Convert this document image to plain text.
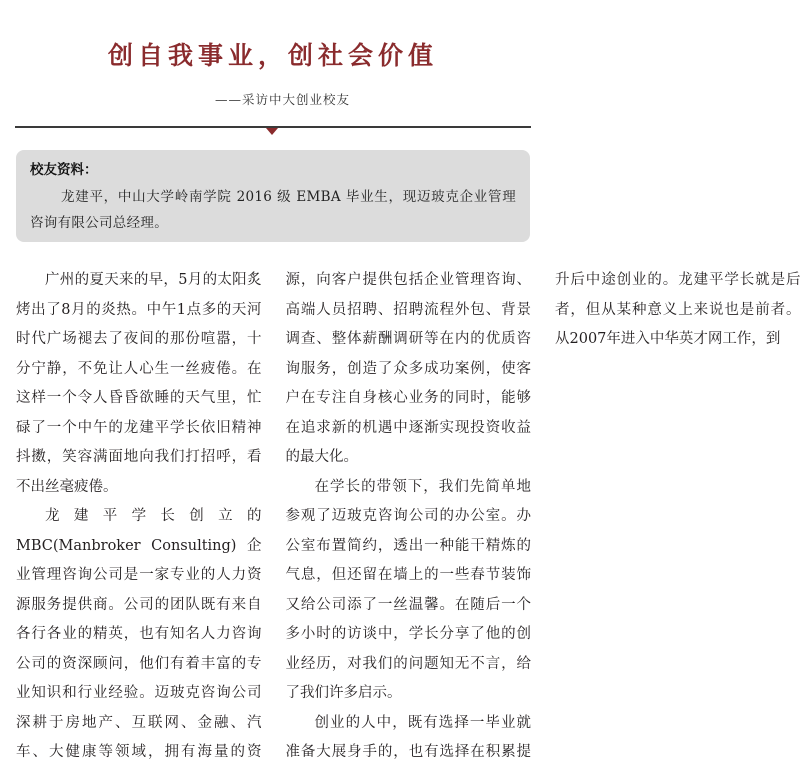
创自我事业，创社会价值
——采访中大创业校友
校友资料：
龙建平，中山大学岭南学院 2016 级 EMBA 毕业生，现迈玻克企业管理咨询有限公司总经理。

广州的夏天来的早，5月的太阳炙烤出了8月的炎热。中午1点多的天河时代广场褪去了夜间的那份喧嚣，十分宁静，不免让人心生一丝疲倦。在这样一个令人昏昏欲睡的天气里，忙碌了一个中午的龙建平学长依旧精神抖擞，笑容满面地向我们打招呼，看不出丝毫疲倦。

龙建平学长创立的MBC(Manbroker Consulting) 企业管理咨询公司是一家专业的人力资源服务提供商。公司的团队既有来自各行各业的精英，也有知名人力咨询公司的资深顾问，他们有着丰富的专业知识和行业经验。迈玻克咨询公司深耕于房地产、互联网、金融、汽车、大健康等领域，拥有海量的资源，向客户提供包括企业管理咨询、高端人员招聘、招聘流程外包、背景调查、整体薪酬调研等在内的优质咨询服务，创造了众多成功案例，使客户在专注自身核心业务的同时，能够在追求新的机遇中逐渐实现投资收益的最大化。

在学长的带领下，我们先简单地参观了迈玻克咨询公司的办公室。办公室布置简约，透出一种能干精炼的气息，但还留在墙上的一些春节装饰又给公司添了一丝温馨。在随后一个多小时的访谈中，学长分享了他的创业经历，对我们的问题知无不言，给了我们许多启示。

创业的人中，既有选择一毕业就准备大展身手的，也有选择在积累提升后中途创业的。龙建平学长就是后者，但从某种意义上来说也是前者。从2007年进入中华英才网工作，到
